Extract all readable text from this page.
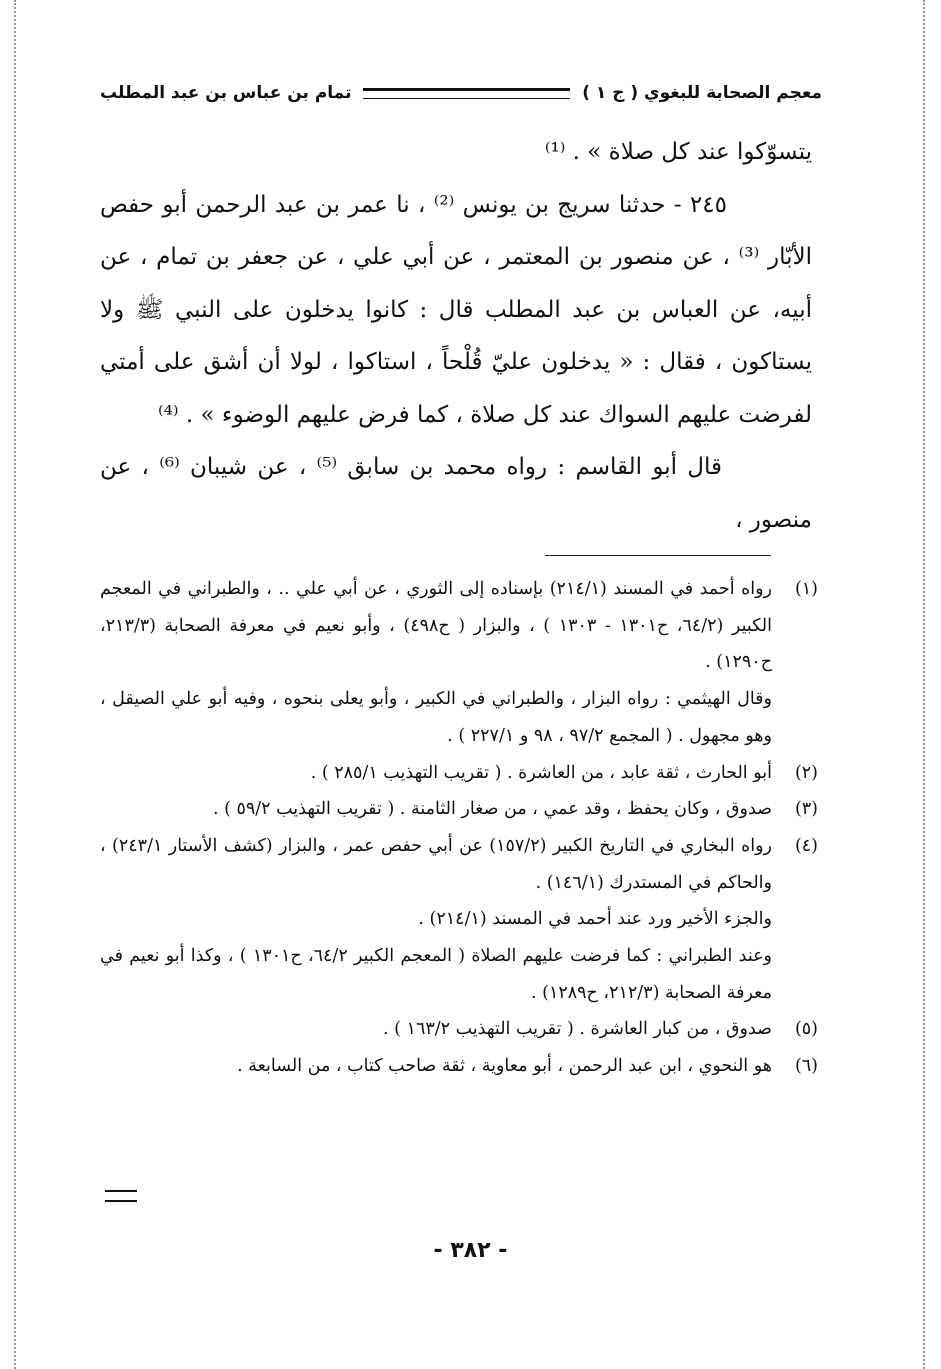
معجم الصحابة للبغوي ( ج ١ )
تمام بن عباس بن عبد المطلب

يتسوّكوا عند كل صلاة » . ⁽¹⁾

٢٤٥ - حدثنا سريج بن يونس ⁽²⁾ ، نا عمر بن عبد الرحمن أبو حفص الأبّار ⁽³⁾ ، عن منصور بن المعتمر ، عن أبي علي ، عن جعفر بن تمام ، عن أبيه، عن العباس بن عبد المطلب قال : كانوا يدخلون على النبي ﷺ ولا يستاكون ، فقال : « يدخلون عليّ قُلْحاً ، استاكوا ، لولا أن أشق على أمتي لفرضت عليهم السواك عند كل صلاة ، كما فرض عليهم الوضوء » . ⁽⁴⁾

قال أبو القاسم : رواه محمد بن سابق ⁽⁵⁾ ، عن شيبان ⁽⁶⁾ ، عن منصور ،

(١)
رواه أحمد في المسند (٢١٤/١) بإسناده إلى الثوري ، عن أبي علي .. ، والطبراني في المعجم الكبير (٦٤/٢، ح١٣٠١ - ١٣٠٣ ) ، والبزار ( ح٤٩٨) ، وأبو نعيم في معرفة الصحابة (٢١٣/٣، ح١٢٩٠) .
وقال الهيثمي : رواه البزار ، والطبراني في الكبير ، وأبو يعلى بنحوه ، وفيه أبو علي الصيقل ، وهو مجهول . ( المجمع ٩٧/٢ ، ٩٨ و ٢٢٧/١ ) .
(٢)
أبو الحارث ، ثقة عابد ، من العاشرة . ( تقريب التهذيب ٢٨٥/١ ) .
(٣)
صدوق ، وكان يحفظ ، وقد عمي ، من صغار الثامنة . ( تقريب التهذيب ٥٩/٢ ) .
(٤)
رواه البخاري في التاريخ الكبير (١٥٧/٢) عن أبي حفص عمر ، والبزار (كشف الأستار ٢٤٣/١) ، والحاكم في المستدرك (١٤٦/١) .
والجزء الأخير ورد عند أحمد في المسند (٢١٤/١) .
وعند الطبراني : كما فرضت عليهم الصلاة ( المعجم الكبير ٦٤/٢، ح١٣٠١ ) ، وكذا أبو نعيم في معرفة الصحابة (٢١٢/٣، ح١٢٨٩) .
(٥)
صدوق ، من كبار العاشرة . ( تقريب التهذيب ١٦٣/٢ ) .
(٦)
هو النحوي ، ابن عبد الرحمن ، أبو معاوية ، ثقة صاحب كتاب ، من السابعة .
- ٣٨٢ -
